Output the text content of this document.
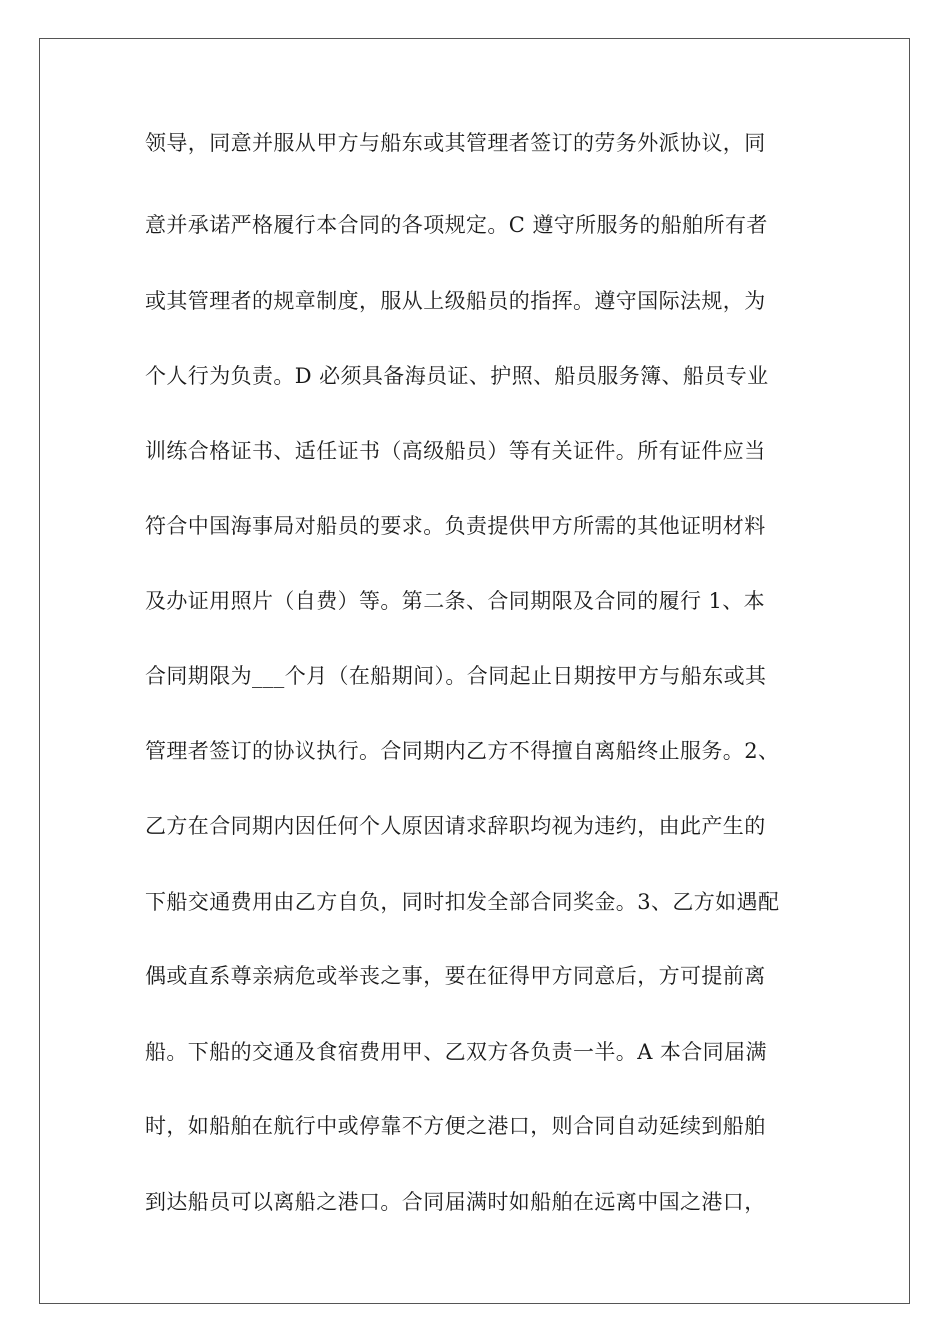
领导，同意并服从甲方与船东或其管理者签订的劳务外派协议，同
意并承诺严格履行本合同的各项规定。C 遵守所服务的船舶所有者
或其管理者的规章制度，服从上级船员的指挥。遵守国际法规，为
个人行为负责。D 必须具备海员证、护照、船员服务簿、船员专业
训练合格证书、适任证书（高级船员）等有关证件。所有证件应当
符合中国海事局对船员的要求。负责提供甲方所需的其他证明材料
及办证用照片（自费）等。第二条、合同期限及合同的履行 1、本
合同期限为___个月（在船期间）。合同起止日期按甲方与船东或其
管理者签订的协议执行。合同期内乙方不得擅自离船终止服务。2、
乙方在合同期内因任何个人原因请求辞职均视为违约，由此产生的
下船交通费用由乙方自负，同时扣发全部合同奖金。3、乙方如遇配
偶或直系尊亲病危或举丧之事，要在征得甲方同意后，方可提前离
船。下船的交通及食宿费用甲、乙双方各负责一半。A 本合同届满
时，如船舶在航行中或停靠不方便之港口，则合同自动延续到船舶
到达船员可以离船之港口。合同届满时如船舶在远离中国之港口，
